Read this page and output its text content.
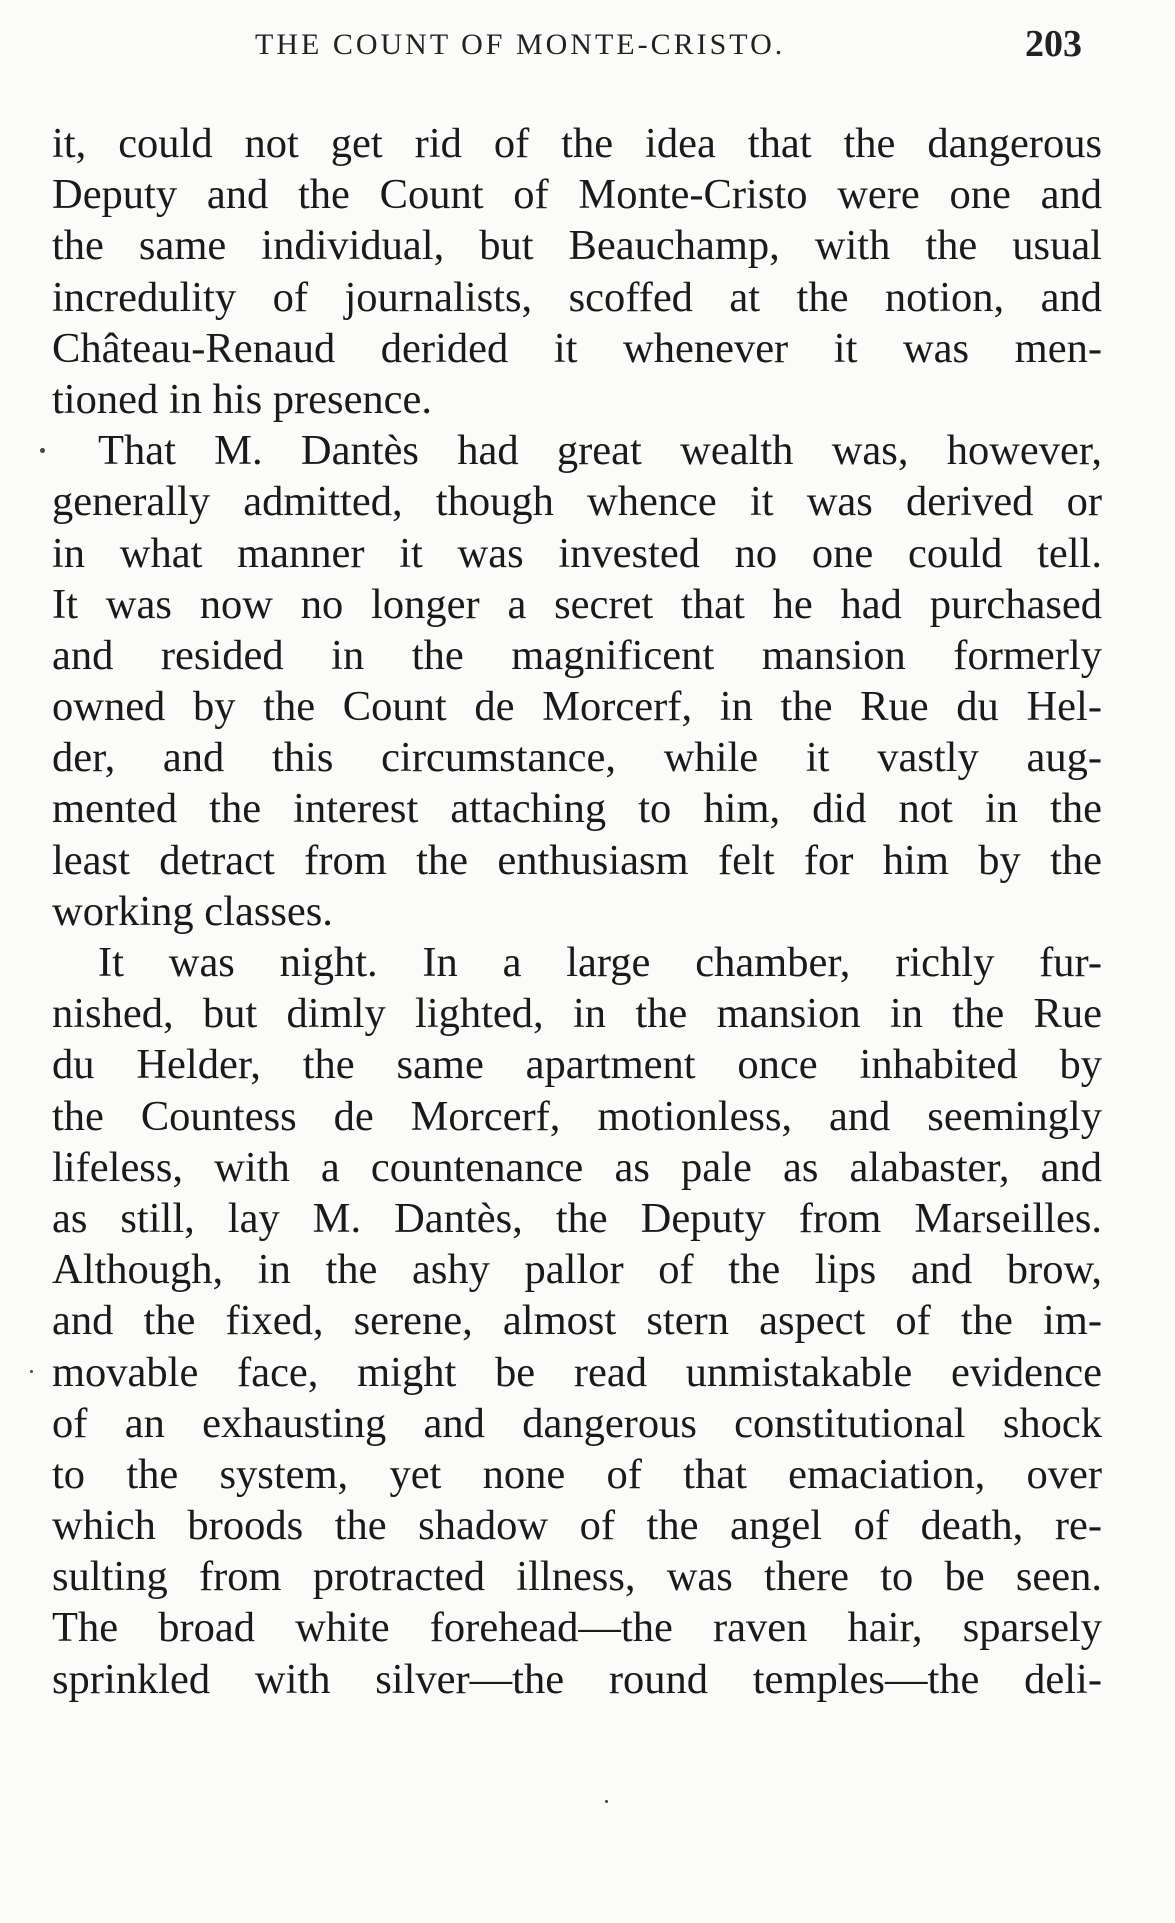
THE COUNT OF MONTE-CRISTO.	203
it, could not get rid of the idea that the dangerous
Deputy and the Count of Monte-Cristo were one and
the same individual, but Beauchamp, with the usual
incredulity of journalists, scoffed at the notion, and
Château-Renaud derided it whenever it was men-
tioned in his presence.
That M. Dantès had great wealth was, however,
generally admitted, though whence it was derived or
in what manner it was invested no one could tell.
It was now no longer a secret that he had purchased
and resided in the magnificent mansion formerly
owned by the Count de Morcerf, in the Rue du Hel-
der, and this circumstance, while it vastly aug-
mented the interest attaching to him, did not in the
least detract from the enthusiasm felt for him by the
working classes.
It was night. In a large chamber, richly fur-
nished, but dimly lighted, in the mansion in the Rue
du Helder, the same apartment once inhabited by
the Countess de Morcerf, motionless, and seemingly
lifeless, with a countenance as pale as alabaster, and
as still, lay M. Dantès, the Deputy from Marseilles.
Although, in the ashy pallor of the lips and brow,
and the fixed, serene, almost stern aspect of the im-
movable face, might be read unmistakable evidence
of an exhausting and dangerous constitutional shock
to the system, yet none of that emaciation, over
which broods the shadow of the angel of death, re-
sulting from protracted illness, was there to be seen.
The broad white forehead—the raven hair, sparsely
sprinkled with silver—the round temples—the deli-
